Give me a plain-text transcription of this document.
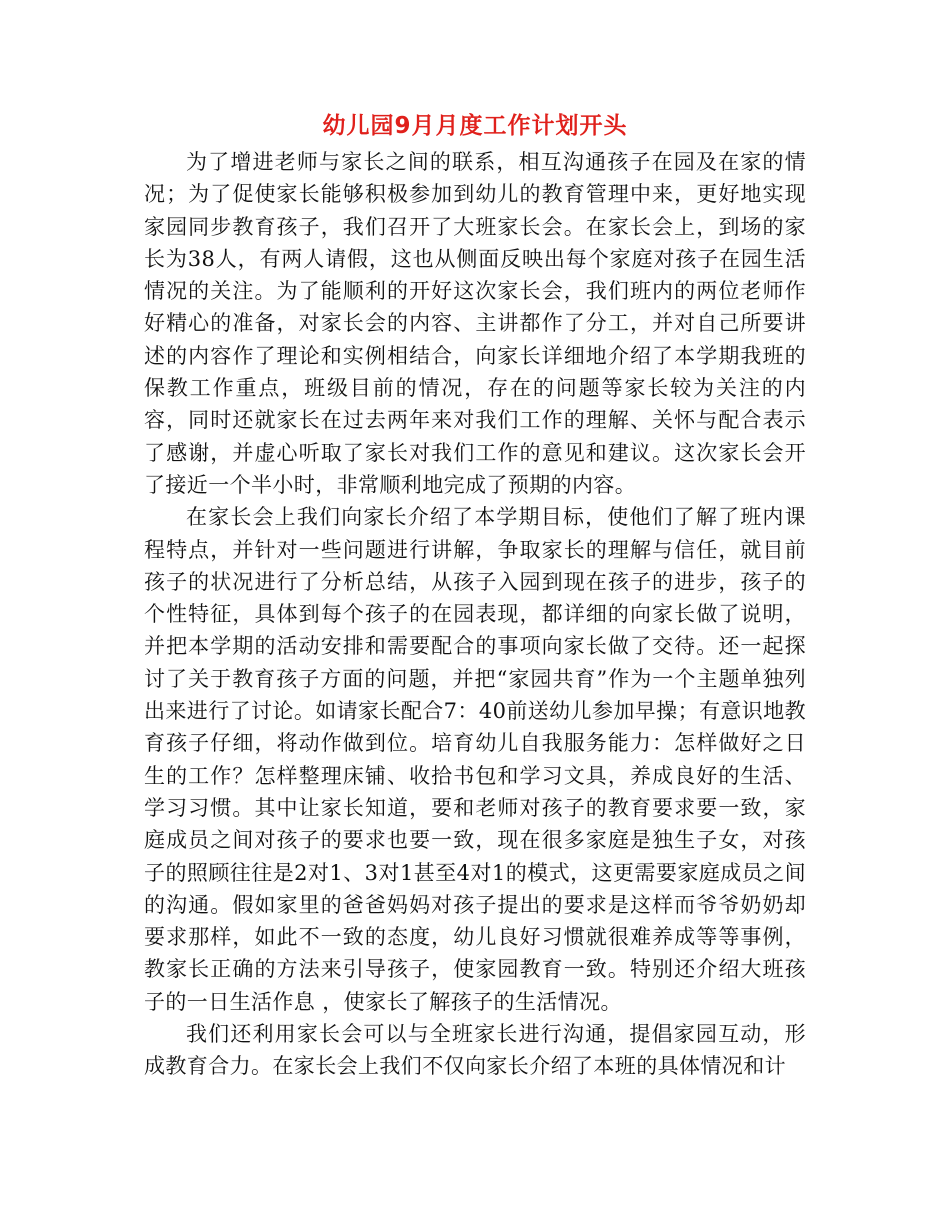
幼儿园9月月度工作计划开头

为了增进老师与家长之间的联系，相互沟通孩子在园及在家的情况；为了促使家长能够积极参加到幼儿的教育管理中来，更好地实现家园同步教育孩子，我们召开了大班家长会。在家长会上，到场的家长为38人，有两人请假，这也从侧面反映出每个家庭对孩子在园生活情况的关注。为了能顺利的开好这次家长会，我们班内的两位老师作好精心的准备，对家长会的内容、主讲都作了分工，并对自己所要讲述的内容作了理论和实例相结合，向家长详细地介绍了本学期我班的保教工作重点，班级目前的情况，存在的问题等家长较为关注的内容，同时还就家长在过去两年来对我们工作的理解、关怀与配合表示了感谢，并虚心听取了家长对我们工作的意见和建议。这次家长会开了接近一个半小时，非常顺利地完成了预期的内容。

在家长会上我们向家长介绍了本学期目标，使他们了解了班内课程特点，并针对一些问题进行讲解，争取家长的理解与信任，就目前孩子的状况进行了分析总结，从孩子入园到现在孩子的进步，孩子的个性特征，具体到每个孩子的在园表现，都详细的向家长做了说明，并把本学期的活动安排和需要配合的事项向家长做了交待。还一起探讨了关于教育孩子方面的问题，并把“家园共育”作为一个主题单独列出来进行了讨论。如请家长配合7：40前送幼儿参加早操；有意识地教育孩子仔细，将动作做到位。培育幼儿自我服务能力：怎样做好之日生的工作？怎样整理床铺、收拾书包和学习文具，养成良好的生活、学习习惯。其中让家长知道，要和老师对孩子的教育要求要一致，家庭成员之间对孩子的要求也要一致，现在很多家庭是独生子女，对孩子的照顾往往是2对1、3对1甚至4对1的模式，这更需要家庭成员之间的沟通。假如家里的爸爸妈妈对孩子提出的要求是这样而爷爷奶奶却要求那样，如此不一致的态度，幼儿良好习惯就很难养成等等事例，教家长正确的方法来引导孩子，使家园教育一致。特别还介绍大班孩子的一日生活作息 ，使家长了解孩子的生活情况。

我们还利用家长会可以与全班家长进行沟通，提倡家园互动，形成教育合力。在家长会上我们不仅向家长介绍了本班的具体情况和计
